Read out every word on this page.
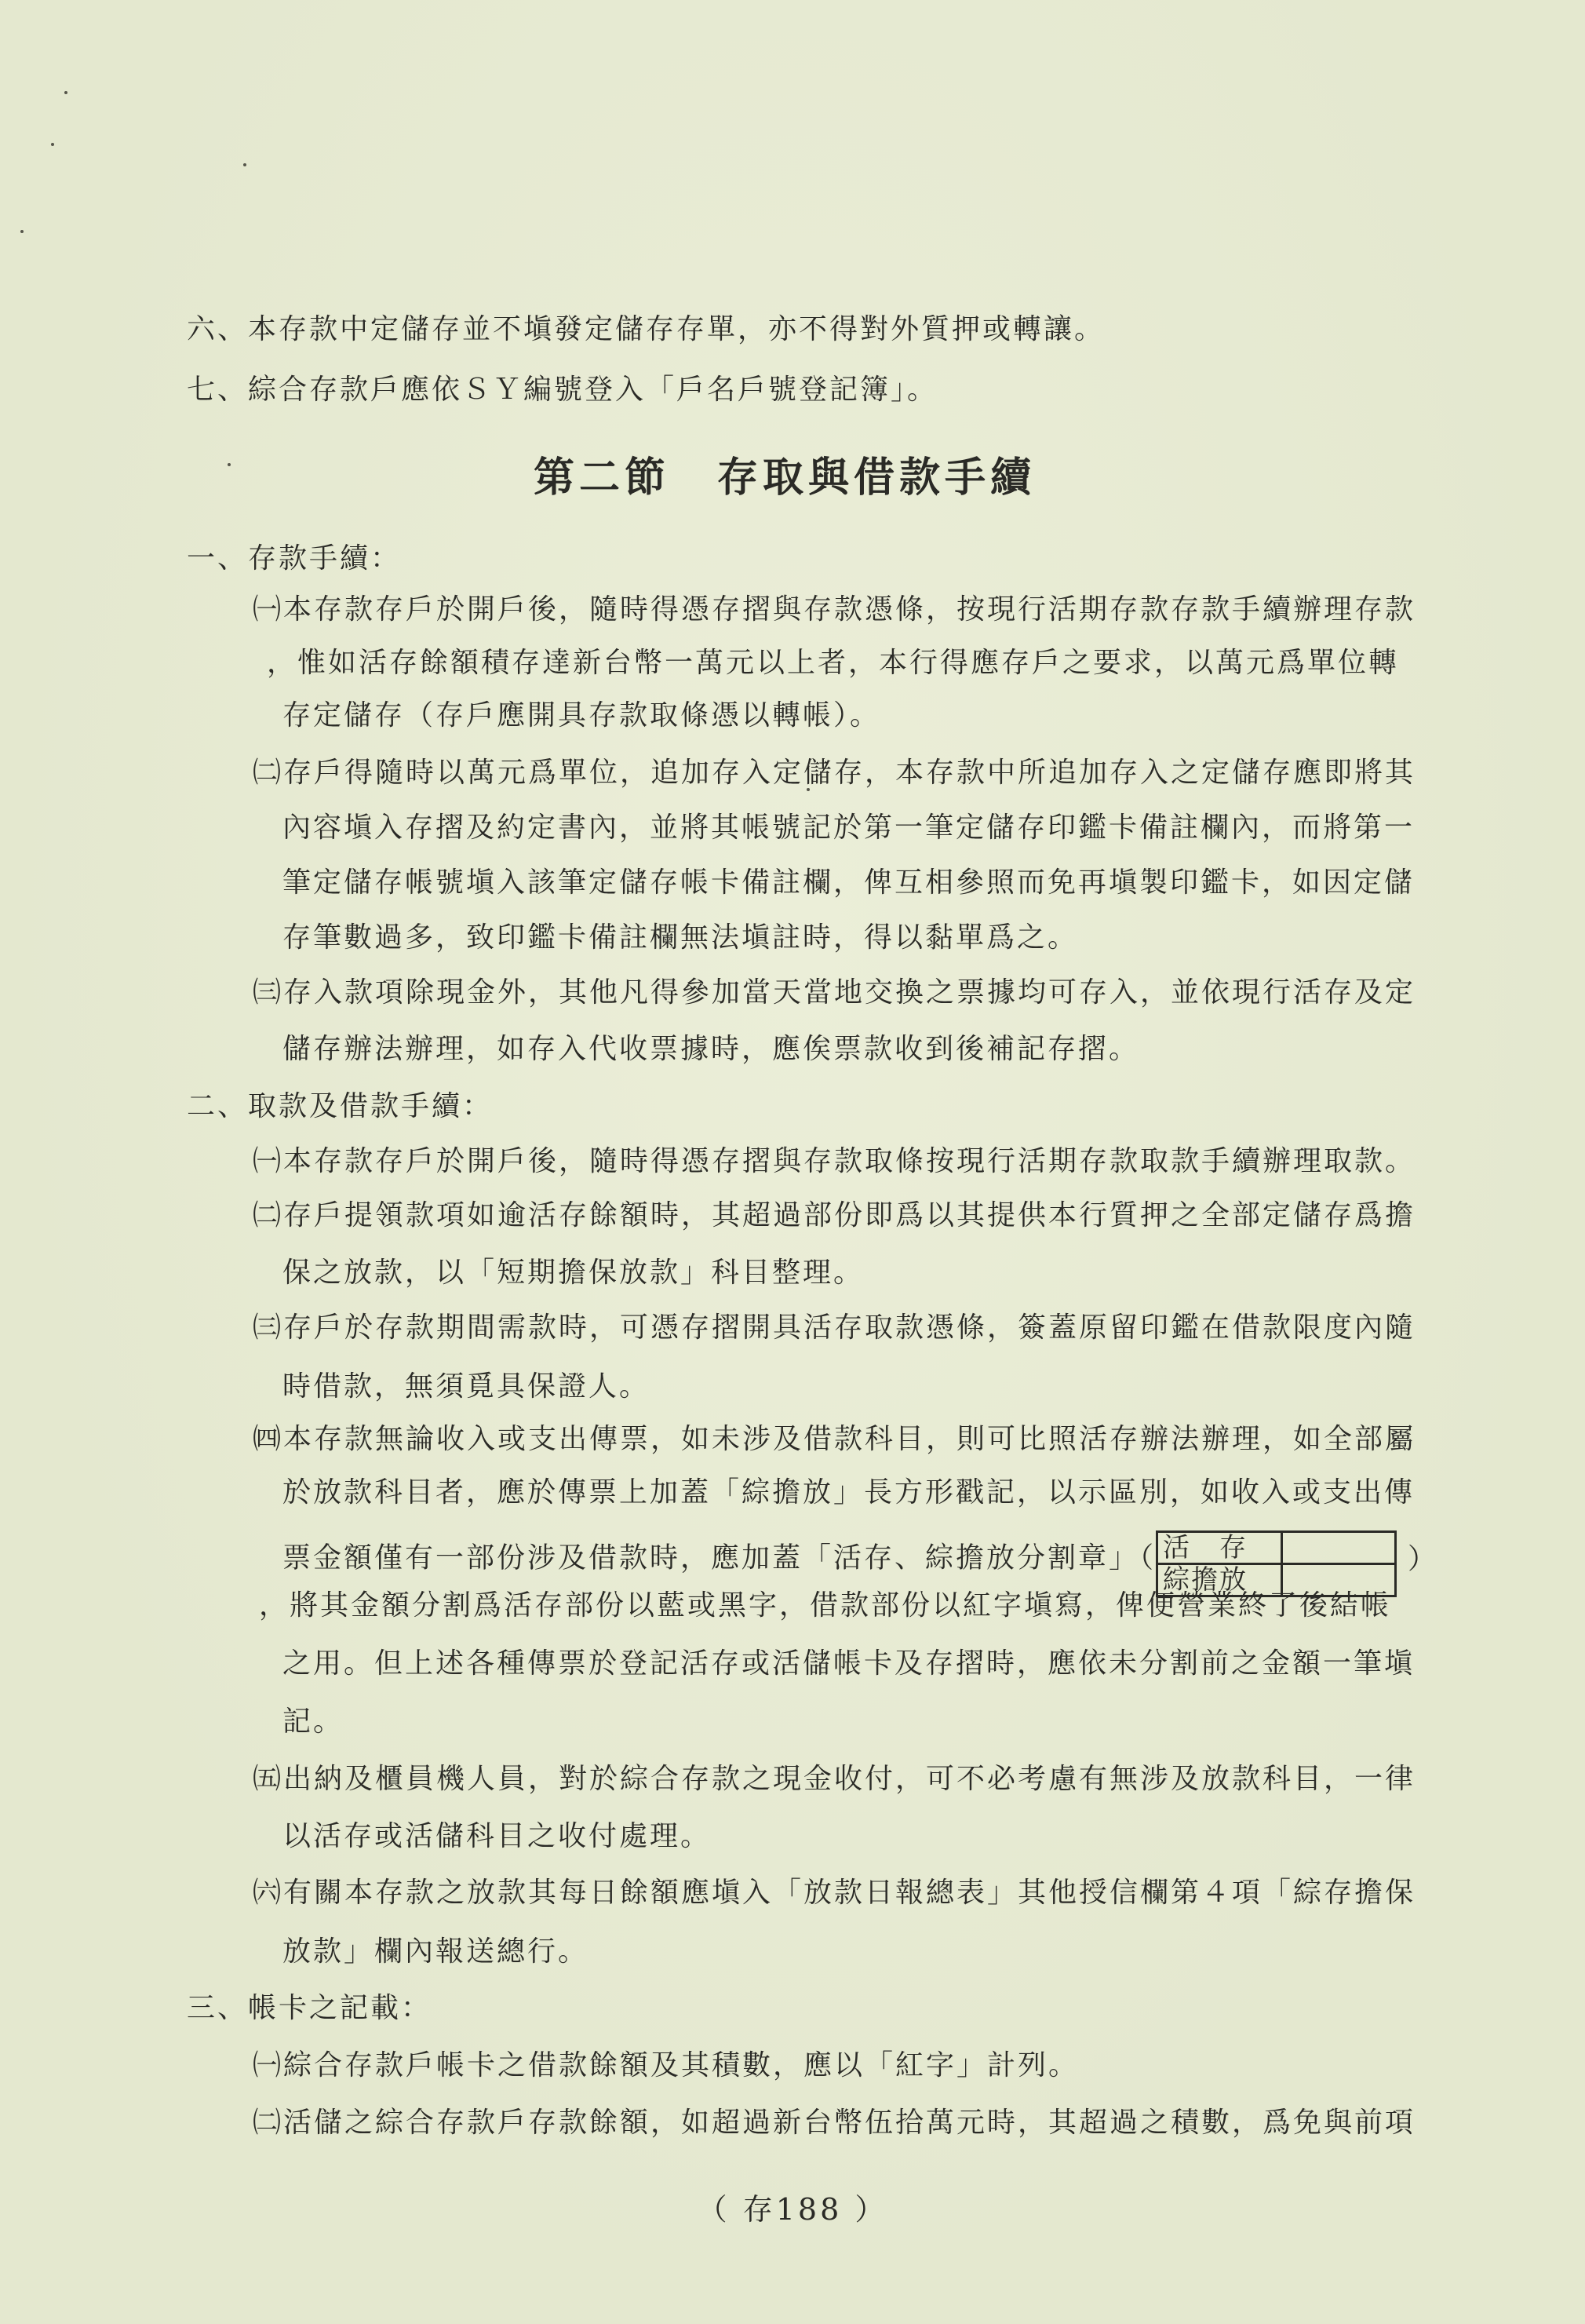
六、本存款中定儲存並不塡發定儲存存單，亦不得對外質押或轉讓。
七、綜合存款戶應依ＳＹ編號登入「戶名戶號登記簿」。
第二節 存取與借款手續
一、存款手續：
㈠本存款存戶於開戶後，隨時得憑存摺與存款憑條，按現行活期存款存款手續辦理存款
，惟如活存餘額積存達新台幣一萬元以上者，本行得應存戶之要求，以萬元爲單位轉
存定儲存（存戶應開具存款取條憑以轉帳）。
㈡存戶得隨時以萬元爲單位，追加存入定儲存，本存款中所追加存入之定儲存應即將其
內容塡入存摺及約定書內，並將其帳號記於第一筆定儲存印鑑卡備註欄內，而將第一
筆定儲存帳號塡入該筆定儲存帳卡備註欄，俾互相參照而免再塡製印鑑卡，如因定儲
存筆數過多，致印鑑卡備註欄無法塡註時，得以黏單爲之。
㈢存入款項除現金外，其他凡得參加當天當地交換之票據均可存入，並依現行活存及定
儲存辦法辦理，如存入代收票據時，應俟票款收到後補記存摺。
二、取款及借款手續：
㈠本存款存戶於開戶後，隨時得憑存摺與存款取條按現行活期存款取款手續辦理取款。
㈡存戶提領款項如逾活存餘額時，其超過部份即爲以其提供本行質押之全部定儲存爲擔
保之放款，以「短期擔保放款」科目整理。
㈢存戶於存款期間需款時，可憑存摺開具活存取款憑條，簽蓋原留印鑑在借款限度內隨
時借款，無須覓具保證人。
㈣本存款無論收入或支出傳票，如未涉及借款科目，則可比照活存辦法辦理，如全部屬
於放款科目者，應於傳票上加蓋「綜擔放」長方形戳記，以示區別，如收入或支出傳
票金額僅有一部份涉及借款時，應加蓋「活存、綜擔放分割章」（ 活存	
綜擔放	）
，將其金額分割爲活存部份以藍或黑字，借款部份以紅字塡寫，俾便營業終了後結帳
之用。但上述各種傳票於登記活存或活儲帳卡及存摺時，應依未分割前之金額一筆塡
記。
㈤出納及櫃員機人員，對於綜合存款之現金收付，可不必考慮有無涉及放款科目，一律
以活存或活儲科目之收付處理。
㈥有關本存款之放款其每日餘額應塡入「放款日報總表」其他授信欄第４項「綜存擔保
放款」欄內報送總行。
三、帳卡之記載：
㈠綜合存款戶帳卡之借款餘額及其積數，應以「紅字」計列。
㈡活儲之綜合存款戶存款餘額，如超過新台幣伍拾萬元時，其超過之積數，爲免與前項
（ 存188 ）
